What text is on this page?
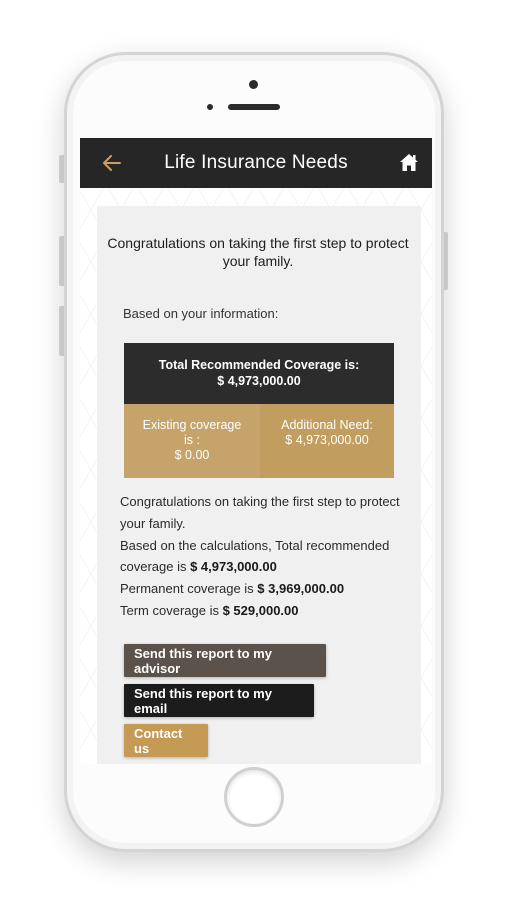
Life Insurance Needs
Congratulations on taking the first step to protect your family.
Based on your information:
Total Recommended Coverage is:
$ 4,973,000.00
Existing coverage is :
$ 0.00
Additional Need:
$ 4,973,000.00
Congratulations on taking the first step to protect your family.
Based on the calculations, Total recommended coverage is $ 4,973,000.00
Permanent coverage is $ 3,969,000.00
Term coverage is $ 529,000.00
Send this report to my advisor
Send this report to my email
Contact us
